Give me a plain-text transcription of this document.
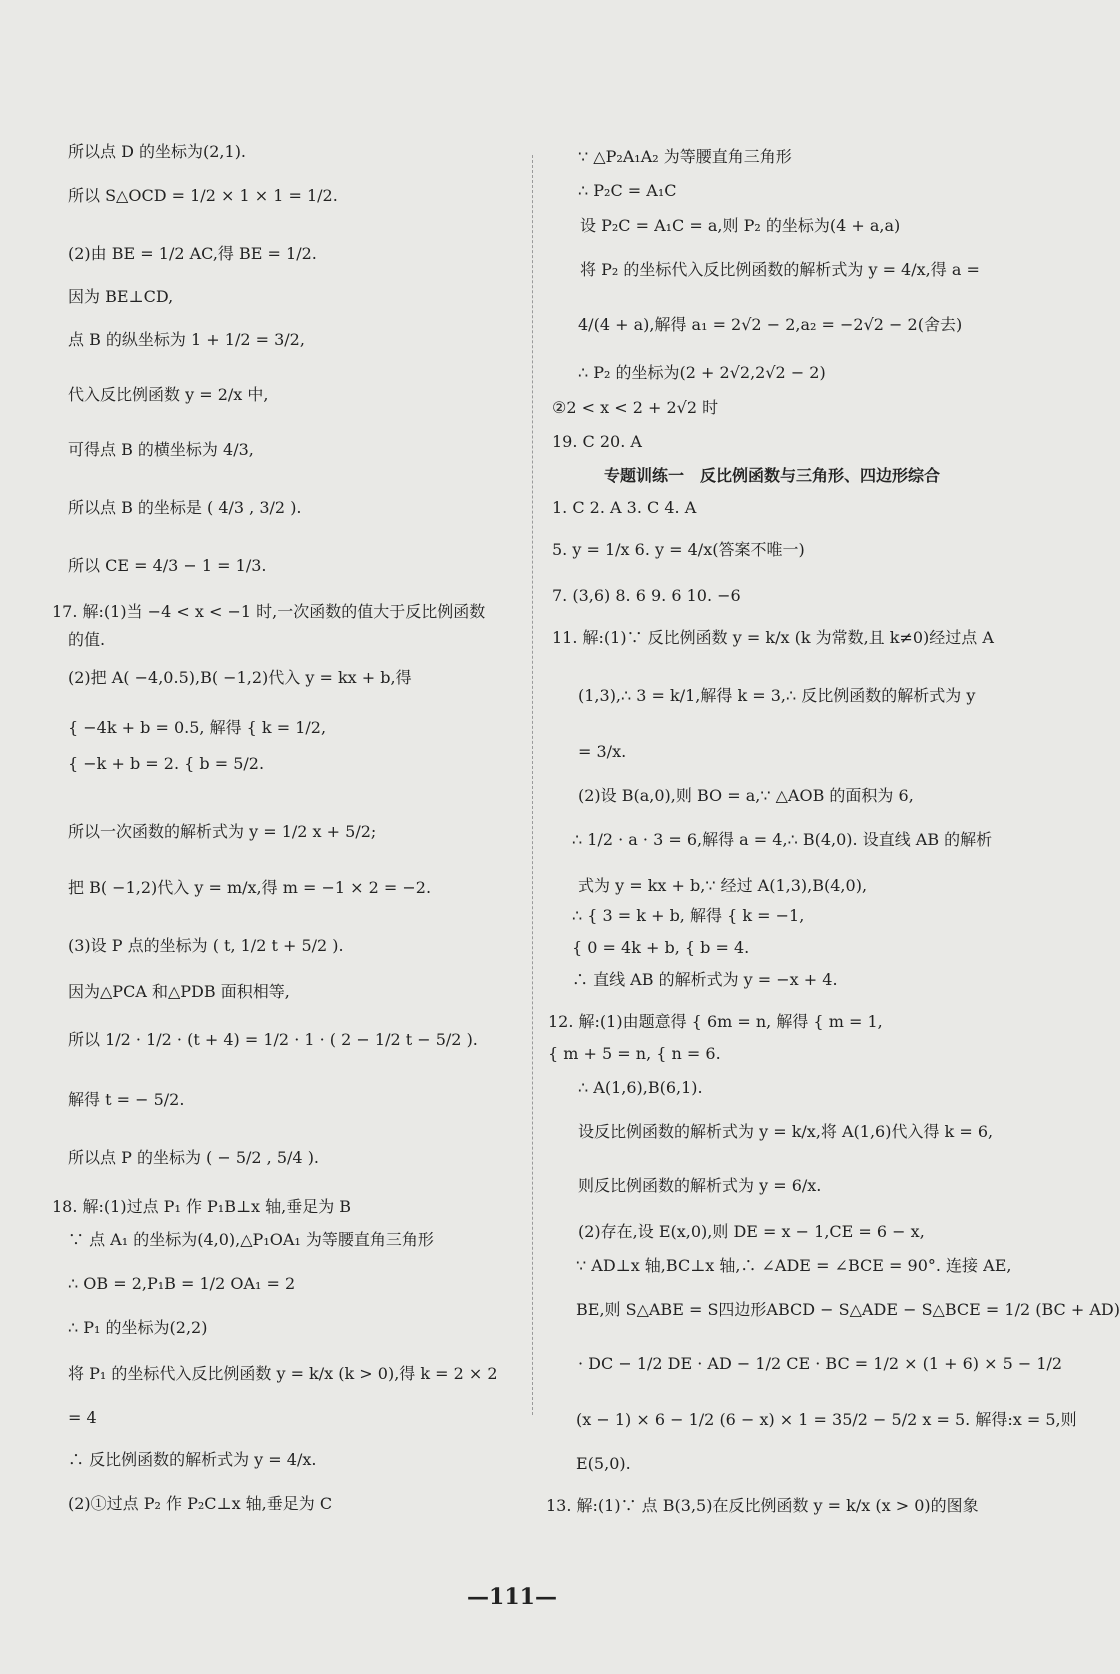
所以点 D 的坐标为(2,1).
所以 S△OCD = 1/2 × 1 × 1 = 1/2.
(2)由 BE = 1/2 AC,得 BE = 1/2.
因为 BE⊥CD,
点 B 的纵坐标为 1 + 1/2 = 3/2,
代入反比例函数 y = 2/x 中,
可得点 B 的横坐标为 4/3,
所以点 B 的坐标是 ( 4/3 , 3/2 ).
所以 CE = 4/3 − 1 = 1/3.
17. 解:(1)当 −4 < x < −1 时,一次函数的值大于反比例函数
的值.
(2)把 A( −4,0.5),B( −1,2)代入 y = kx + b,得
{ −4k + b = 0.5, 解得 { k = 1/2,
{ −k + b = 2. { b = 5/2.
所以一次函数的解析式为 y = 1/2 x + 5/2;
把 B( −1,2)代入 y = m/x,得 m = −1 × 2 = −2.
(3)设 P 点的坐标为 ( t, 1/2 t + 5/2 ).
因为△PCA 和△PDB 面积相等,
所以 1/2 · 1/2 · (t + 4) = 1/2 · 1 · ( 2 − 1/2 t − 5/2 ).
解得 t = − 5/2.
所以点 P 的坐标为 ( − 5/2 , 5/4 ).
18. 解:(1)过点 P₁ 作 P₁B⊥x 轴,垂足为 B
∵ 点 A₁ 的坐标为(4,0),△P₁OA₁ 为等腰直角三角形
∴ OB = 2,P₁B = 1/2 OA₁ = 2
∴ P₁ 的坐标为(2,2)
将 P₁ 的坐标代入反比例函数 y = k/x (k > 0),得 k = 2 × 2
= 4
∴ 反比例函数的解析式为 y = 4/x.
(2)①过点 P₂ 作 P₂C⊥x 轴,垂足为 C
∵ △P₂A₁A₂ 为等腰直角三角形
∴ P₂C = A₁C
设 P₂C = A₁C = a,则 P₂ 的坐标为(4 + a,a)
将 P₂ 的坐标代入反比例函数的解析式为 y = 4/x,得 a =
4/(4 + a),解得 a₁ = 2√2 − 2,a₂ = −2√2 − 2(舍去)
∴ P₂ 的坐标为(2 + 2√2,2√2 − 2)
②2 < x < 2 + 2√2 时
19. C 20. A
专题训练一　反比例函数与三角形、四边形综合
1. C 2. A 3. C 4. A
5. y = 1/x 6. y = 4/x(答案不唯一)
7. (3,6) 8. 6 9. 6 10. −6
11. 解:(1)∵ 反比例函数 y = k/x (k 为常数,且 k≠0)经过点 A
(1,3),∴ 3 = k/1,解得 k = 3,∴ 反比例函数的解析式为 y
= 3/x.
(2)设 B(a,0),则 BO = a,∵ △AOB 的面积为 6,
∴ 1/2 · a · 3 = 6,解得 a = 4,∴ B(4,0). 设直线 AB 的解析
式为 y = kx + b,∵ 经过 A(1,3),B(4,0),
∴ { 3 = k + b, 解得 { k = −1,
{ 0 = 4k + b, { b = 4.
∴ 直线 AB 的解析式为 y = −x + 4.
12. 解:(1)由题意得 { 6m = n, 解得 { m = 1,
{ m + 5 = n, { n = 6.
∴ A(1,6),B(6,1).
设反比例函数的解析式为 y = k/x,将 A(1,6)代入得 k = 6,
则反比例函数的解析式为 y = 6/x.
(2)存在,设 E(x,0),则 DE = x − 1,CE = 6 − x,
∵ AD⊥x 轴,BC⊥x 轴,∴ ∠ADE = ∠BCE = 90°. 连接 AE,
BE,则 S△ABE = S四边形ABCD − S△ADE − S△BCE = 1/2 (BC + AD)
· DC − 1/2 DE · AD − 1/2 CE · BC = 1/2 × (1 + 6) × 5 − 1/2
(x − 1) × 6 − 1/2 (6 − x) × 1 = 35/2 − 5/2 x = 5. 解得:x = 5,则
E(5,0).
13. 解:(1)∵ 点 B(3,5)在反比例函数 y = k/x (x > 0)的图象
—111—
